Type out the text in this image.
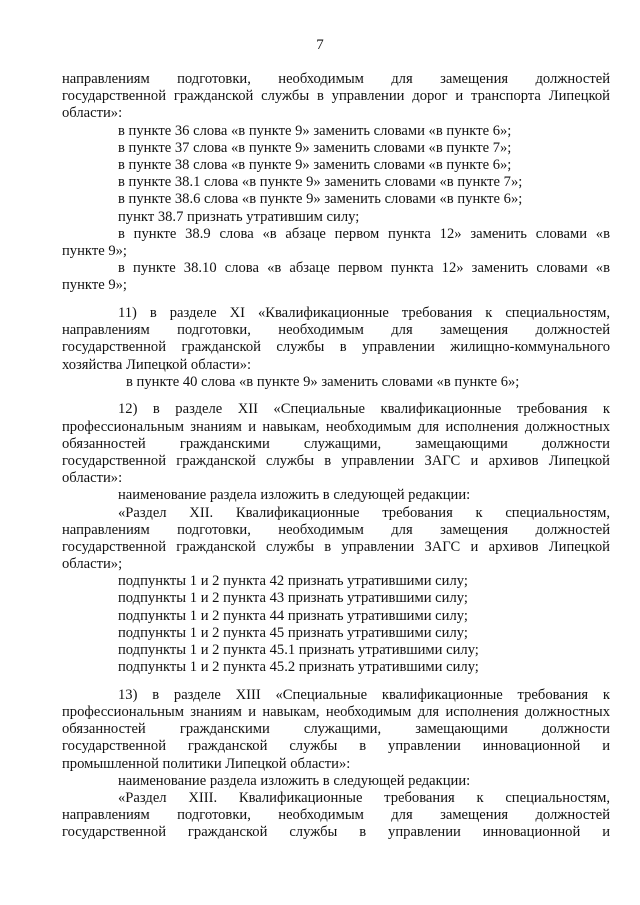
7
направлениям подготовки, необходимым для замещения должностей
государственной гражданской службы в управлении дорог и транспорта Липецкой
области»:
в пункте 36 слова «в пункте 9» заменить словами «в пункте 6»;
в пункте 37 слова «в пункте 9» заменить словами «в пункте 7»;
в пункте 38 слова «в пункте 9» заменить словами «в пункте 6»;
в пункте 38.1 слова «в пункте 9» заменить словами «в пункте 7»;
в пункте 38.6 слова «в пункте 9» заменить словами «в пункте 6»;
пункт 38.7 признать утратившим силу;
в пункте 38.9 слова «в абзаце первом пункта 12» заменить словами «в
пункте 9»;
в пункте 38.10 слова «в абзаце первом пункта 12» заменить словами «в
пункте 9»;
11) в разделе XI «Квалификационные требования к специальностям,
направлениям подготовки, необходимым для замещения должностей
государственной гражданской службы в управлении жилищно-коммунального
хозяйства Липецкой области»:
в пункте 40 слова «в пункте 9» заменить словами «в пункте 6»;
12) в разделе XII «Специальные квалификационные требования к
профессиональным знаниям и навыкам, необходимым для исполнения должностных
обязанностей гражданскими служащими, замещающими должности
государственной гражданской службы в управлении ЗАГС и архивов Липецкой
области»:
наименование раздела изложить в следующей редакции:
«Раздел XII. Квалификационные требования к специальностям,
направлениям подготовки, необходимым для замещения должностей
государственной гражданской службы в управлении ЗАГС и архивов Липецкой
области»;
подпункты 1 и 2 пункта 42 признать утратившими силу;
подпункты 1 и 2 пункта 43 признать утратившими силу;
подпункты 1 и 2 пункта 44 признать утратившими силу;
подпункты 1 и 2 пункта 45 признать утратившими силу;
подпункты 1 и 2 пункта 45.1 признать утратившими силу;
подпункты 1 и 2 пункта 45.2 признать утратившими силу;
13) в разделе XIII «Специальные квалификационные требования к
профессиональным знаниям и навыкам, необходимым для исполнения должностных
обязанностей гражданскими служащими, замещающими должности
государственной гражданской службы в управлении инновационной и
промышленной политики Липецкой области»:
наименование раздела изложить в следующей редакции:
«Раздел XIII. Квалификационные требования к специальностям,
направлениям подготовки, необходимым для замещения должностей
государственной гражданской службы в управлении инновационной и
